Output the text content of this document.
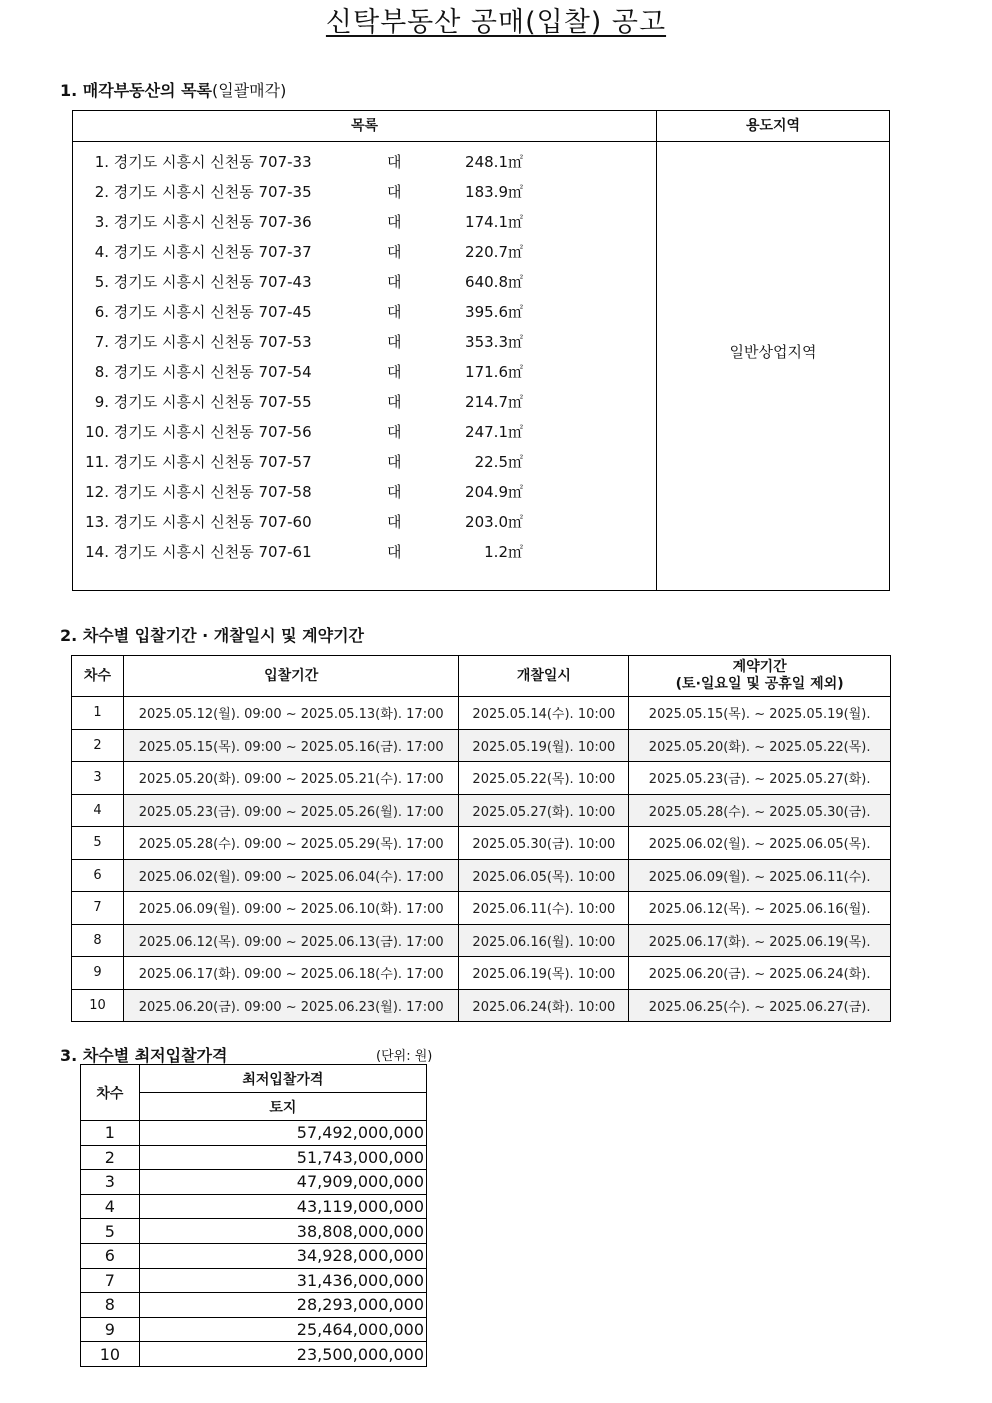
신탁부동산 공매(입찰) 공고
1. 매각부동산의 목록(일괄매각)
목록	용도지역
1. 경기도 시흥시 신천동 707-33	대	248.1㎡
2. 경기도 시흥시 신천동 707-35	대	183.9㎡
3. 경기도 시흥시 신천동 707-36	대	174.1㎡
4. 경기도 시흥시 신천동 707-37	대	220.7㎡
5. 경기도 시흥시 신천동 707-43	대	640.8㎡
6. 경기도 시흥시 신천동 707-45	대	395.6㎡
7. 경기도 시흥시 신천동 707-53	대	353.3㎡
8. 경기도 시흥시 신천동 707-54	대	171.6㎡
9. 경기도 시흥시 신천동 707-55	대	214.7㎡
10. 경기도 시흥시 신천동 707-56	대	247.1㎡
11. 경기도 시흥시 신천동 707-57	대	22.5㎡
12. 경기도 시흥시 신천동 707-58	대	204.9㎡
13. 경기도 시흥시 신천동 707-60	대	203.0㎡
14. 경기도 시흥시 신천동 707-61	대	1.2㎡
일반상업지역
2. 차수별 입찰기간 · 개찰일시 및 계약기간
차수	입찰기간	개찰일시	계약기간
(토·일요일 및 공휴일 제외)
1	2025.05.12(월). 09:00 ~ 2025.05.13(화). 17:00	2025.05.14(수). 10:00	2025.05.15(목). ~ 2025.05.19(월).
2	2025.05.15(목). 09:00 ~ 2025.05.16(금). 17:00	2025.05.19(월). 10:00	2025.05.20(화). ~ 2025.05.22(목).
3	2025.05.20(화). 09:00 ~ 2025.05.21(수). 17:00	2025.05.22(목). 10:00	2025.05.23(금). ~ 2025.05.27(화).
4	2025.05.23(금). 09:00 ~ 2025.05.26(월). 17:00	2025.05.27(화). 10:00	2025.05.28(수). ~ 2025.05.30(금).
5	2025.05.28(수). 09:00 ~ 2025.05.29(목). 17:00	2025.05.30(금). 10:00	2025.06.02(월). ~ 2025.06.05(목).
6	2025.06.02(월). 09:00 ~ 2025.06.04(수). 17:00	2025.06.05(목). 10:00	2025.06.09(월). ~ 2025.06.11(수).
7	2025.06.09(월). 09:00 ~ 2025.06.10(화). 17:00	2025.06.11(수). 10:00	2025.06.12(목). ~ 2025.06.16(월).
8	2025.06.12(목). 09:00 ~ 2025.06.13(금). 17:00	2025.06.16(월). 10:00	2025.06.17(화). ~ 2025.06.19(목).
9	2025.06.17(화). 09:00 ~ 2025.06.18(수). 17:00	2025.06.19(목). 10:00	2025.06.20(금). ~ 2025.06.24(화).
10	2025.06.20(금). 09:00 ~ 2025.06.23(월). 17:00	2025.06.24(화). 10:00	2025.06.25(수). ~ 2025.06.27(금).
3. 차수별 최저입찰가격	(단위: 원)
차수	최저입찰가격
	토지
1	57,492,000,000
2	51,743,000,000
3	47,909,000,000
4	43,119,000,000
5	38,808,000,000
6	34,928,000,000
7	31,436,000,000
8	28,293,000,000
9	25,464,000,000
10	23,500,000,000
